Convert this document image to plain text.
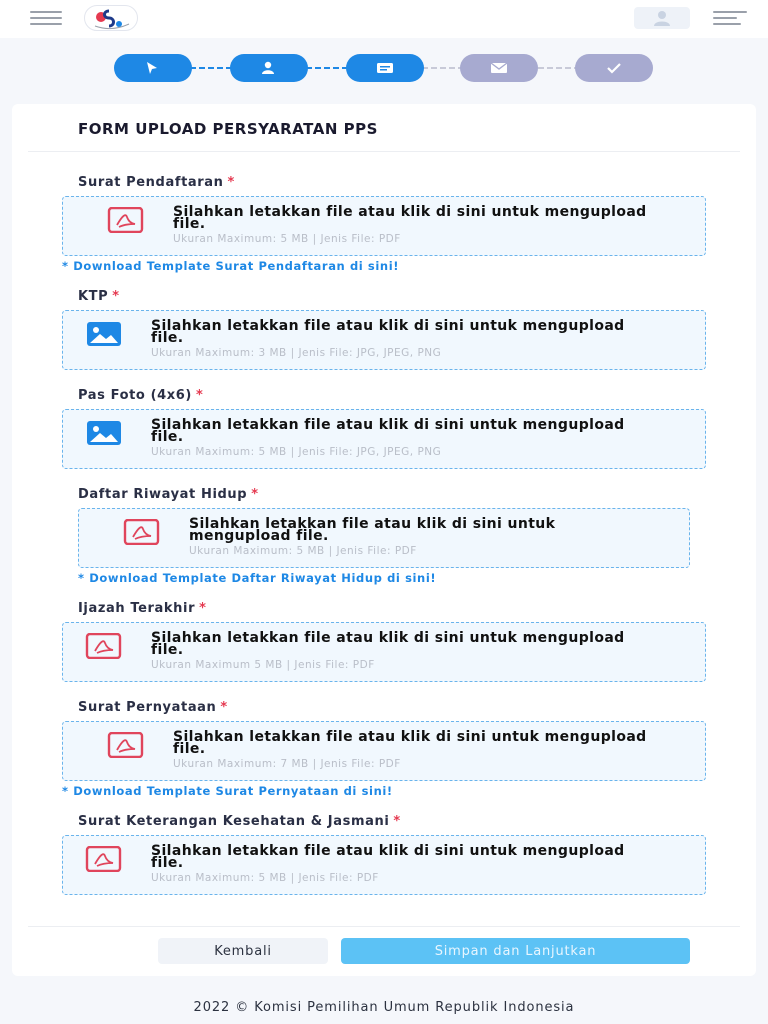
FORM UPLOAD PERSYARATAN PPS
Surat Pendaftaran *
Silahkan letakkan file atau klik di sini untuk mengupload file.
Ukuran Maximum: 5 MB | Jenis File: PDF
* Download Template Surat Pendaftaran di sini!
KTP *
Silahkan letakkan file atau klik di sini untuk mengupload file.
Ukuran Maximum: 3 MB | Jenis File: JPG, JPEG, PNG
Pas Foto (4x6) *
Silahkan letakkan file atau klik di sini untuk mengupload file.
Ukuran Maximum: 5 MB | Jenis File: JPG, JPEG, PNG
Daftar Riwayat Hidup *
Silahkan letakkan file atau klik di sini untuk mengupload file.
Ukuran Maximum: 5 MB | Jenis File: PDF
* Download Template Daftar Riwayat Hidup di sini!
Ijazah Terakhir *
Silahkan letakkan file atau klik di sini untuk mengupload file.
Ukuran Maximum 5 MB | Jenis File: PDF
Surat Pernyataan *
Silahkan letakkan file atau klik di sini untuk mengupload file.
Ukuran Maximum: 7 MB | Jenis File: PDF
* Download Template Surat Pernyataan di sini!
Surat Keterangan Kesehatan & Jasmani *
Silahkan letakkan file atau klik di sini untuk mengupload file.
Ukuran Maximum: 5 MB | Jenis File: PDF
Kembali	Simpan dan Lanjutkan
2022 © Komisi Pemilihan Umum Republik Indonesia
